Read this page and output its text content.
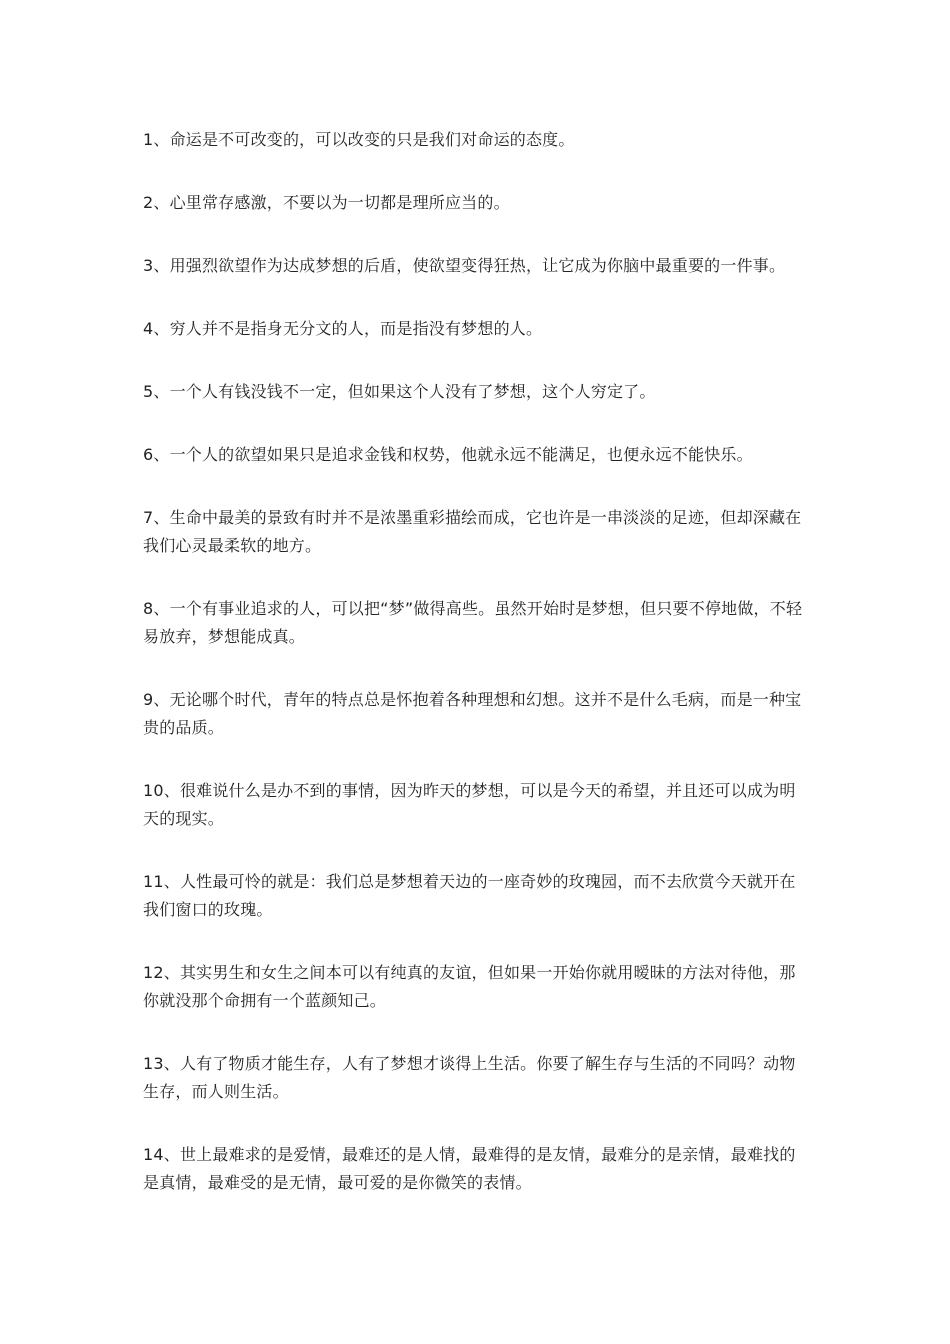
1、命运是不可改变的，可以改变的只是我们对命运的态度。

2、心里常存感激，不要以为一切都是理所应当的。

3、用强烈欲望作为达成梦想的后盾，使欲望变得狂热，让它成为你脑中最重要的一件事。

4、穷人并不是指身无分文的人，而是指没有梦想的人。

5、一个人有钱没钱不一定，但如果这个人没有了梦想，这个人穷定了。

6、一个人的欲望如果只是追求金钱和权势，他就永远不能满足，也便永远不能快乐。

7、生命中最美的景致有时并不是浓墨重彩描绘而成，它也许是一串淡淡的足迹，但却深藏在我们心灵最柔软的地方。

8、一个有事业追求的人，可以把“梦”做得高些。虽然开始时是梦想，但只要不停地做，不轻易放弃，梦想能成真。

9、无论哪个时代，青年的特点总是怀抱着各种理想和幻想。这并不是什么毛病，而是一种宝贵的品质。

10、很难说什么是办不到的事情，因为昨天的梦想，可以是今天的希望，并且还可以成为明天的现实。

11、人性最可怜的就是：我们总是梦想着天边的一座奇妙的玫瑰园，而不去欣赏今天就开在我们窗口的玫瑰。

12、其实男生和女生之间本可以有纯真的友谊，但如果一开始你就用暧昧的方法对待他，那你就没那个命拥有一个蓝颜知己。

13、人有了物质才能生存，人有了梦想才谈得上生活。你要了解生存与生活的不同吗？动物生存，而人则生活。

14、世上最难求的是爱情，最难还的是人情，最难得的是友情，最难分的是亲情，最难找的是真情，最难受的是无情，最可爱的是你微笑的表情。
